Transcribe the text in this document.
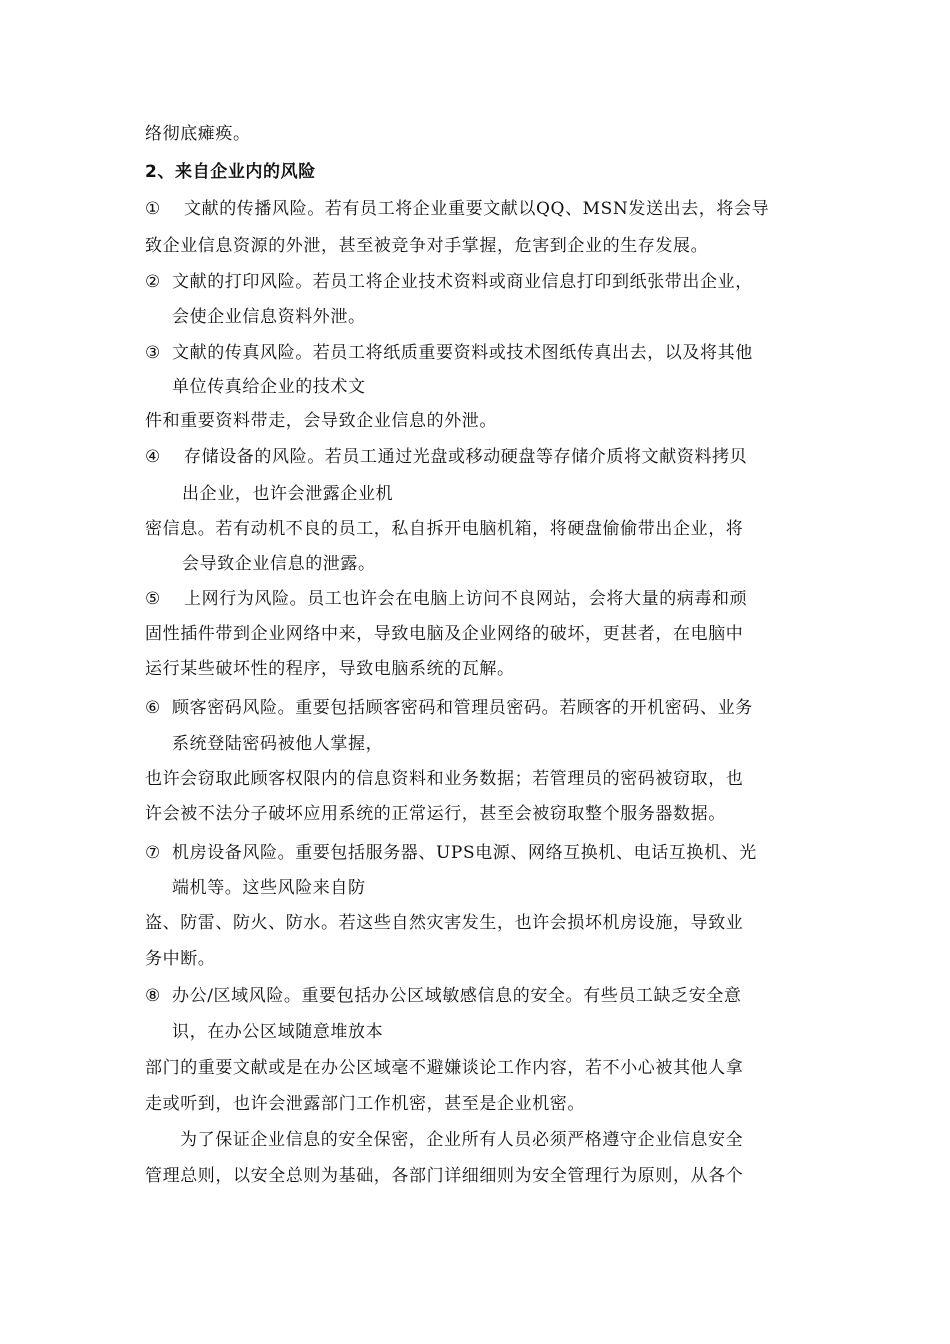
络彻底瘫痪。
2、来自企业内的风险
① 文献的传播风险。若有员工将企业重要文献以QQ、MSN发送出去，将会导
致企业信息资源的外泄，甚至被竞争对手掌握，危害到企业的生存发展。
② 文献的打印风险。若员工将企业技术资料或商业信息打印到纸张带出企业，
会使企业信息资料外泄。
③ 文献的传真风险。若员工将纸质重要资料或技术图纸传真出去，以及将其他
单位传真给企业的技术文
件和重要资料带走，会导致企业信息的外泄。
④ 存储设备的风险。若员工通过光盘或移动硬盘等存储介质将文献资料拷贝
出企业，也许会泄露企业机
密信息。若有动机不良的员工，私自拆开电脑机箱，将硬盘偷偷带出企业，将
会导致企业信息的泄露。
⑤ 上网行为风险。员工也许会在电脑上访问不良网站，会将大量的病毒和顽
固性插件带到企业网络中来，导致电脑及企业网络的破坏，更甚者，在电脑中
运行某些破坏性的程序，导致电脑系统的瓦解。
⑥ 顾客密码风险。重要包括顾客密码和管理员密码。若顾客的开机密码、业务
系统登陆密码被他人掌握，
也许会窃取此顾客权限内的信息资料和业务数据；若管理员的密码被窃取，也
许会被不法分子破坏应用系统的正常运行，甚至会被窃取整个服务器数据。
⑦ 机房设备风险。重要包括服务器、UPS电源、网络互换机、电话互换机、光
端机等。这些风险来自防
盗、防雷、防火、防水。若这些自然灾害发生，也许会损坏机房设施，导致业
务中断。
⑧ 办公/区域风险。重要包括办公区域敏感信息的安全。有些员工缺乏安全意
识，在办公区域随意堆放本
部门的重要文献或是在办公区域毫不避嫌谈论工作内容，若不小心被其他人拿
走或听到，也许会泄露部门工作机密，甚至是企业机密。
为了保证企业信息的安全保密，企业所有人员必须严格遵守企业信息安全
管理总则，以安全总则为基础，各部门详细细则为安全管理行为原则，从各个
